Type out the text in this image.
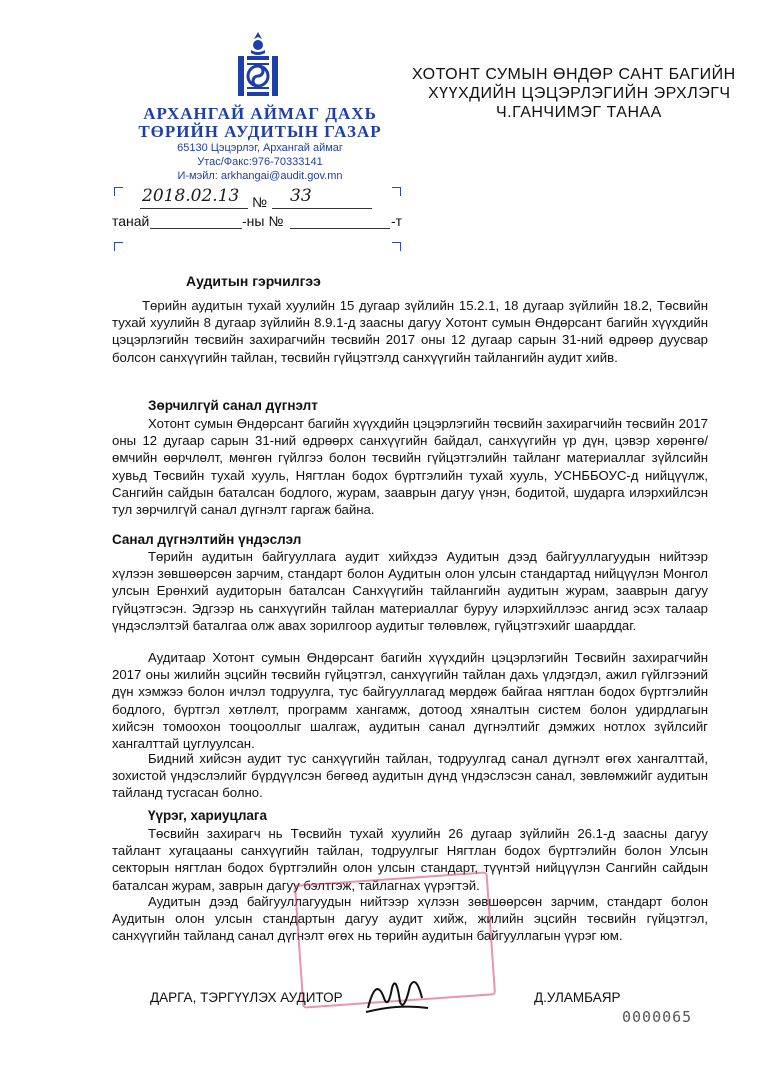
АРХАНГАЙ АЙМАГ ДАХЬ
ТӨРИЙН АУДИТЫН ГАЗАР
65130 Цэцэрлэг, Архангай аймаг
Утас/Факс:976-70333141
И-мэйл: arkhangai@audit.gov.mn
ХОТОНТ СУМЫН ӨНДӨР САНТ БАГИЙН
ХҮҮХДИЙН ЦЭЦЭРЛЭГИЙН ЭРХЛЭГЧ
Ч.ГАНЧИМЭГ ТАНАА
2018.02.13 № 33
танай	-ны №	-т
Аудитын гэрчилгээ
Төрийн аудитын тухай хуулийн 15 дугаар зүйлийн 15.2.1, 18 дугаар зүйлийн 18.2, Төсвийн тухай хуулийн 8 дугаар зүйлийн 8.9.1-д заасны дагуу Хотонт сумын Өндөрсант багийн хүүхдийн цэцэрлэгийн төсвийн захирагчийн төсвийн 2017 оны 12 дугаар сарын 31-ний өдрөөр дуусвар болсон санхүүгийн тайлан, төсвийн гүйцэтгэлд санхүүгийн тайлангийн аудит хийв.
Зөрчилгүй санал дүгнэлт
Хотонт сумын Өндөрсант багийн хүүхдийн цэцэрлэгийн төсвийн захирагчийн төсвийн 2017 оны 12 дугаар сарын 31-ний өдрөөрх санхүүгийн байдал, санхүүгийн үр дүн, цэвэр хөрөнгө/өмчийн өөрчлөлт, мөнгөн гүйлгээ болон төсвийн гүйцэтгэлийн тайланг материаллаг зүйлсийн хувьд Төсвийн тухай хууль, Нягтлан бодох бүртгэлийн тухай хууль, УСНББОУС-д нийцүүлж, Сангийн сайдын баталсан бодлого, журам, зааврын дагуу үнэн, бодитой, шударга илэрхийлсэн тул зөрчилгүй санал дүгнэлт гаргаж байна.
Санал дүгнэлтийн үндэслэл
Төрийн аудитын байгууллага аудит хийхдээ Аудитын дээд байгууллагуудын нийтээр хүлээн зөвшөөрсөн зарчим, стандарт болон Аудитын олон улсын стандартад нийцүүлэн Монгол улсын Ерөнхий аудиторын баталсан Санхүүгийн тайлангийн аудитын журам, зааврын дагуу гүйцэтгэсэн. Эдгээр нь санхүүгийн тайлан материаллаг буруу илэрхийллээс ангид эсэх талаар үндэслэлтэй баталгаа олж авах зорилгоор аудитыг төлөвлөж, гүйцэтгэхийг шаарддаг.
Аудитаар Хотонт сумын Өндөрсант багийн хүүхдийн цэцэрлэгийн Төсвийн захирагчийн 2017 оны жилийн эцсийн төсвийн гүйцэтгэл, санхүүгийн тайлан дахь үлдэгдэл, ажил гүйлгээний дүн хэмжээ болон ичлэл тодруулга, тус байгууллагад мөрдөж байгаа нягтлан бодох бүртгэлийн бодлого, бүртгэл хөтлөлт, программ хангамж, дотоод хяналтын систем болон удирдлагын хийсэн томоохон тооцооллыг шалгаж, аудитын санал дүгнэлтийг дэмжих нотлох зүйлсийг хангалттай цуглуулсан.
Бидний хийсэн аудит тус санхүүгийн тайлан, тодруулгад санал дүгнэлт өгөх хангалттай, зохистой үндэслэлийг бүрдүүлсэн бөгөөд аудитын дүнд үндэслэсэн санал, зөвлөмжийг аудитын тайланд тусгасан болно.
Үүрэг, хариуцлага
Төсвийн захирагч нь Төсвийн тухай хуулийн 26 дугаар зүйлийн 26.1-д заасны дагуу тайлант хугацааны санхүүгийн тайлан, тодруулгыг Нягтлан бодох бүртгэлийн болон Улсын секторын нягтлан бодох бүртгэлийн олон улсын стандарт, түүнтэй нийцүүлэн Сангийн сайдын баталсан журам, заврын дагуу бэлтгэж, тайлагнах үүрэгтэй.
Аудитын дээд байгууллагуудын нийтээр хүлээн зөвшөөрсөн зарчим, стандарт болон Аудитын олон улсын стандартын дагуу аудит хийж, жилийн эцсийн төсвийн гүйцэтгэл, санхүүгийн тайланд санал дүгнэлт өгөх нь төрийн аудитын байгууллагын үүрэг юм.
ДАРГА, ТЭРГҮҮЛЭХ АУДИТОР	Д.УЛАМБАЯР
0000065
